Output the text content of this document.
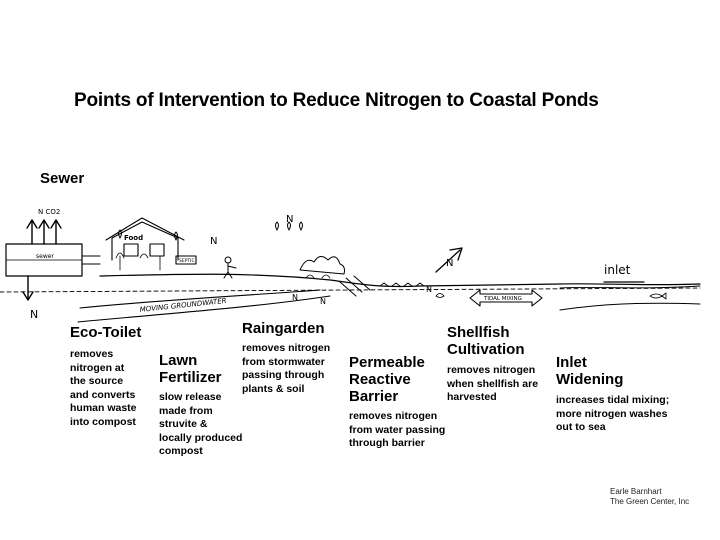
Points of Intervention to Reduce Nitrogen to Coastal Ponds
Sewer
N CO2
sewer
N
Food
SEPTIC
N
N
N	N
N
N
MOVING GROUNDWATER	TIDAL MIXING
inlet
Eco-Toilet
removes
nitrogen at
the source
and converts
human waste
into compost
Lawn
Fertilizer
slow release
made from
struvite &
locally produced
compost
Raingarden
removes nitrogen
from stormwater
passing through
plants & soil
Permeable
Reactive
Barrier
removes nitrogen
from water passing
through barrier
Shellfish
Cultivation
removes nitrogen
when shellfish are
harvested
Inlet
Widening
increases tidal mixing;
more nitrogen washes
out to sea
Earle Barnhart
The Green Center, Inc
